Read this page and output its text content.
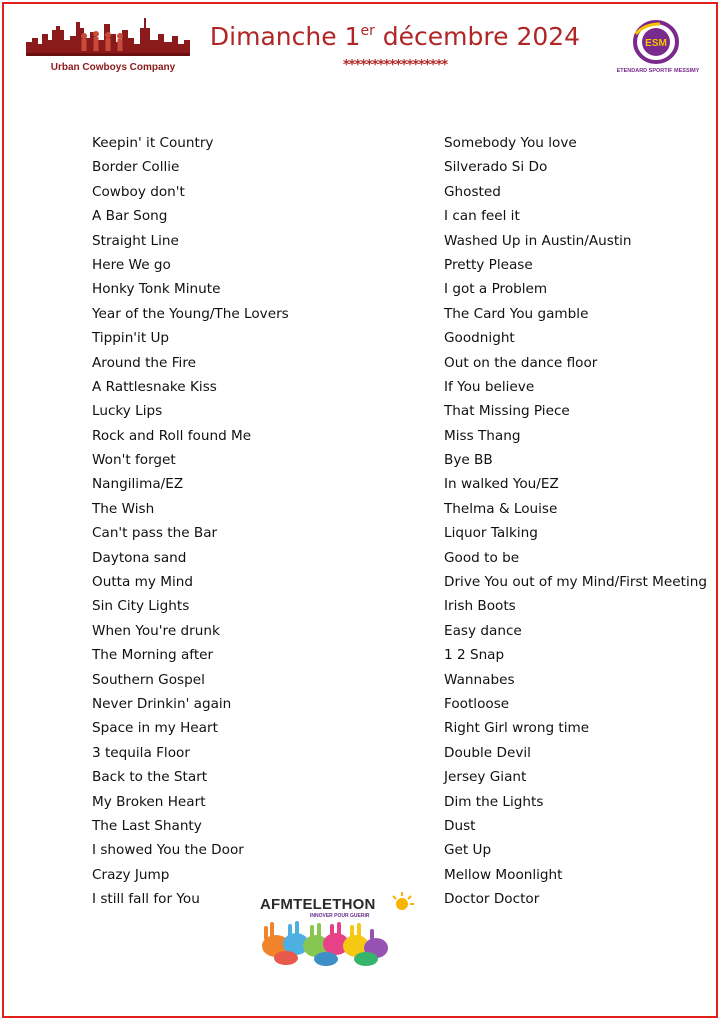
Urban Cowboys Company
Dimanche 1er décembre 2024
******************
ESM
ETENDARD SPORTIF MESSIMY
Keepin' it Country
Border Collie
Cowboy don't
A Bar Song
Straight Line
Here We go
Honky Tonk Minute
Year of the Young/The Lovers
Tippin'it Up
Around the Fire
A Rattlesnake Kiss
Lucky Lips
Rock and Roll found Me
Won't forget
Nangilima/EZ
The Wish
Can't pass the Bar
Daytona sand
Outta my Mind
Sin City Lights
When You're drunk
The Morning after
Southern Gospel
Never Drinkin' again
Space in my Heart
3 tequila Floor
Back to the Start
My Broken Heart
The Last Shanty
I showed You the Door
Crazy Jump
I still fall for You
Somebody You love
Silverado Si Do
Ghosted
I can feel it
Washed Up in Austin/Austin
Pretty Please
I got a Problem
The Card You gamble
Goodnight
Out on the dance floor
If You believe
That Missing Piece
Miss Thang
Bye BB
In walked You/EZ
Thelma & Louise
Liquor Talking
Good to be
Drive You out of my Mind/First Meeting
Irish Boots
Easy dance
1 2 Snap
Wannabes
Footloose
Right Girl wrong time
Double Devil
Jersey Giant
Dim the Lights
Dust
Get Up
Mellow Moonlight
Doctor Doctor
AFMTELETHON
INNOVER POUR GUERIR
